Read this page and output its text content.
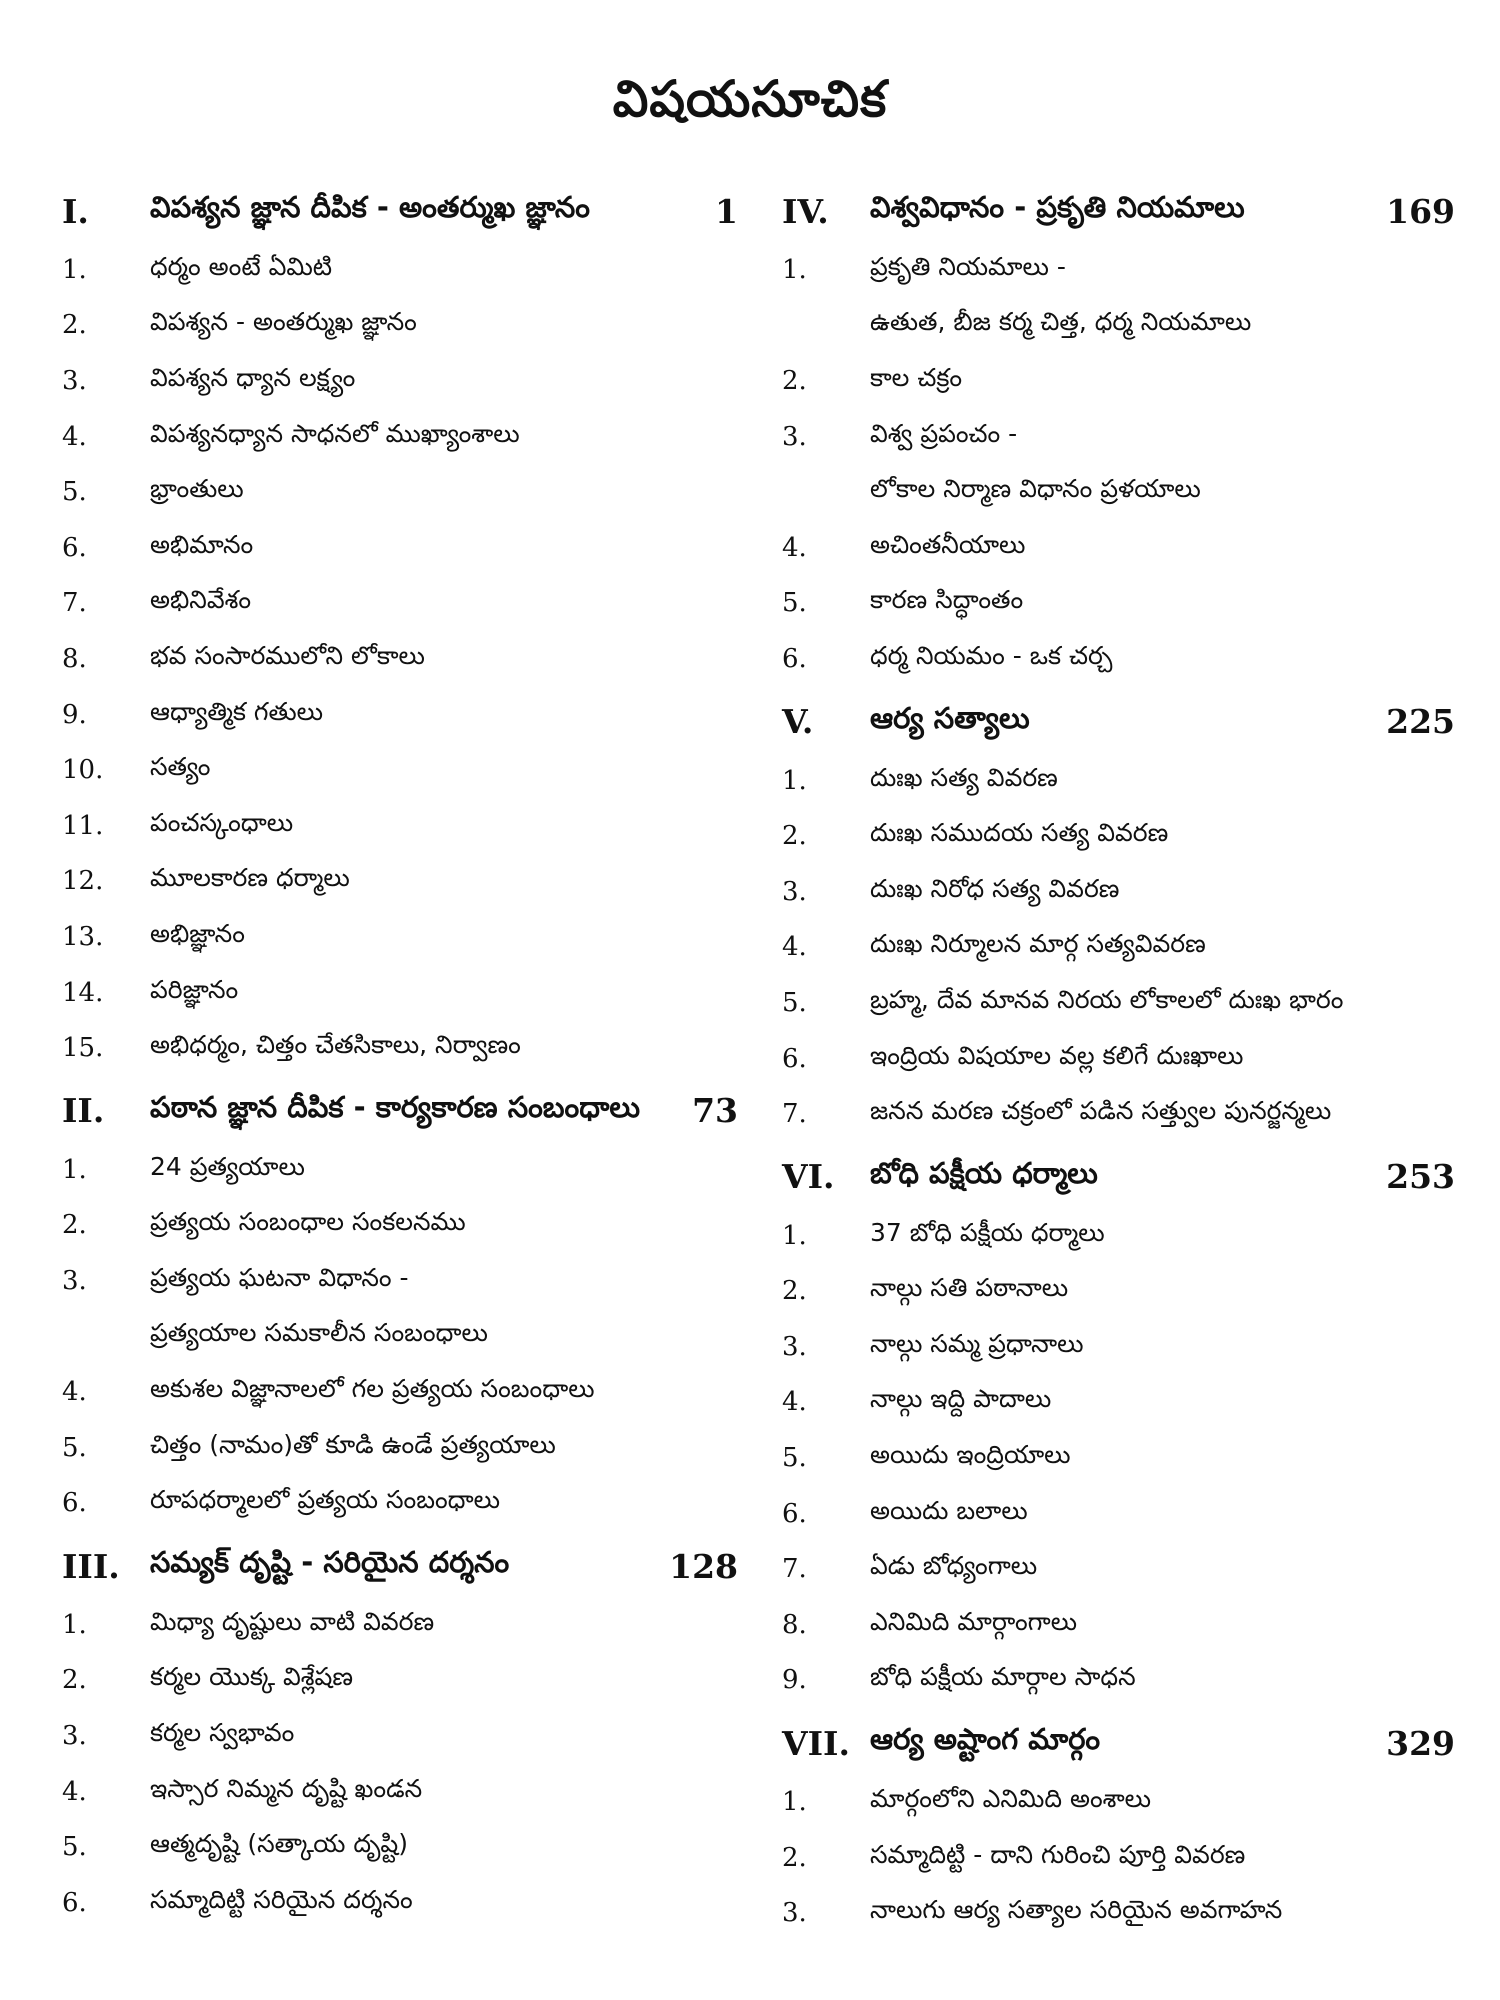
విషయసూచిక
I.	విపశ్యన జ్ఞాన దీపిక - అంతర్ముఖ జ్ఞానం	1
1.	ధర్మం అంటే ఏమిటి
2.	విపశ్యన - అంతర్ముఖ జ్ఞానం
3.	విపశ్యన ధ్యాన లక్ష్యం
4.	విపశ్యనధ్యాన సాధనలో ముఖ్యాంశాలు
5.	భ్రాంతులు
6.	అభిమానం
7.	అభినివేశం
8.	భవ సంసారములోని లోకాలు
9.	ఆధ్యాత్మిక గతులు
10.	సత్యం
11.	పంచస్కంధాలు
12.	మూలకారణ ధర్మాలు
13.	అభిజ్ఞానం
14.	పరిజ్ఞానం
15.	అభిధర్మం, చిత్తం చేతసికాలు, నిర్వాణం
II.	పఠాన జ్ఞాన దీపిక - కార్యకారణ సంబంధాలు	73
1.	24 ప్రత్యయాలు
2.	ప్రత్యయ సంబంధాల సంకలనము
3.	ప్రత్యయ ఘటనా విధానం -
ప్రత్యయాల సమకాలీన సంబంధాలు
4.	అకుశల విజ్ఞానాలలో గల ప్రత్యయ సంబంధాలు
5.	చిత్తం (నామం)తో కూడి ఉండే ప్రత్యయాలు
6.	రూపధర్మాలలో ప్రత్యయ సంబంధాలు
III.	సమ్యక్ దృష్టి - సరియైన దర్శనం	128
1.	మిధ్యా దృష్టులు వాటి వివరణ
2.	కర్మల యొక్క విశ్లేషణ
3.	కర్మల స్వభావం
4.	ఇస్సార నిమ్మన దృష్టి ఖండన
5.	ఆత్మదృష్టి (సత్కాయ దృష్టి)
6.	సమ్మాదిట్టి సరియైన దర్శనం
IV.	విశ్వవిధానం - ప్రకృతి నియమాలు	169
1.	ప్రకృతి నియమాలు -
ఉతుత, బీజ కర్మ చిత్త, ధర్మ నియమాలు
2.	కాల చక్రం
3.	విశ్వ ప్రపంచం -
లోకాల నిర్మాణ విధానం ప్రళయాలు
4.	అచింతనీయాలు
5.	కారణ సిద్ధాంతం
6.	ధర్మ నియమం - ఒక చర్చ
V.	ఆర్య సత్యాలు	225
1.	దుఃఖ సత్య వివరణ
2.	దుఃఖ సముదయ సత్య వివరణ
3.	దుఃఖ నిరోధ సత్య వివరణ
4.	దుఃఖ నిర్మూలన మార్గ సత్యవివరణ
5.	బ్రహ్మ, దేవ మానవ నిరయ లోకాలలో దుఃఖ భారం
6.	ఇంద్రియ విషయాల వల్ల కలిగే దుఃఖాలు
7.	జనన మరణ చక్రంలో పడిన సత్త్వుల పునర్జన్మలు
VI.	బోధి పక్షీయ ధర్మాలు	253
1.	37 బోధి పక్షీయ ధర్మాలు
2.	నాల్గు సతి పఠానాలు
3.	నాల్గు సమ్మ ప్రధానాలు
4.	నాల్గు ఇద్ది పాదాలు
5.	అయిదు ఇంద్రియాలు
6.	అయిదు బలాలు
7.	ఏడు బోధ్యంగాలు
8.	ఎనిమిది మార్గాంగాలు
9.	బోధి పక్షీయ మార్గాల సాధన
VII. ఆర్య అష్టాంగ మార్గం	329
1.	మార్గంలోని ఎనిమిది అంశాలు
2.	సమ్మాదిట్టి - దాని గురించి పూర్తి వివరణ
3.	నాలుగు ఆర్య సత్యాల సరియైన అవగాహన
